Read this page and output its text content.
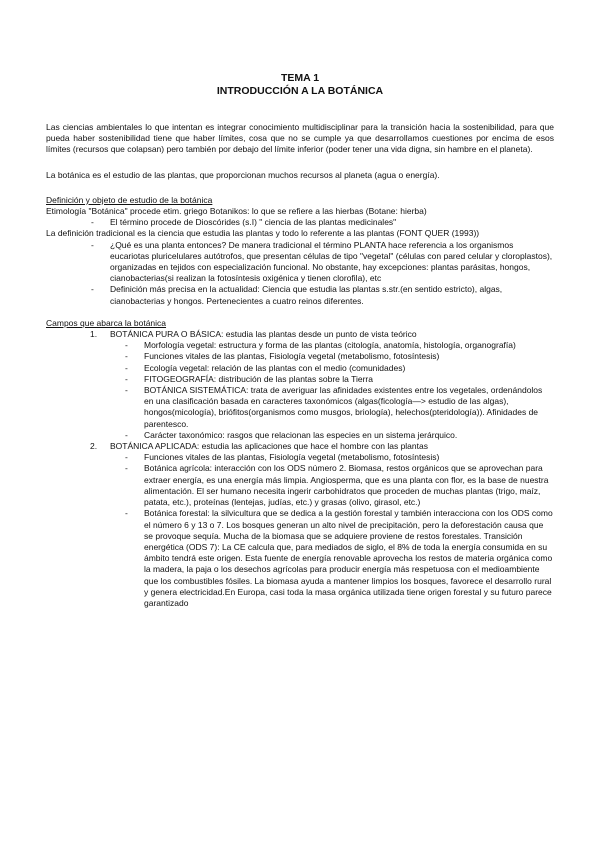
TEMA 1
INTRODUCCIÓN A LA BOTÁNICA

Las ciencias ambientales lo que intentan es integrar conocimiento multidisciplinar para la transición hacia la sostenibilidad, para que pueda haber sostenibilidad tiene que haber límites, cosa que no se cumple ya que desarrollamos cuestiones por encima de esos límites (recursos que colapsan) pero también por debajo del límite inferior (poder tener una vida digna, sin hambre en el planeta).

La botánica es el estudio de las plantas, que proporcionan muchos recursos al planeta (agua o energía).

Definición y objeto de estudio de la botánica
Etimología "Botánica" procede etim. griego Botanikos: lo que se refiere a las hierbas (Botane: hierba)
- El término procede de Dioscórides (s.I) " ciencia de las plantas medicinales"
La definición tradicional es la ciencia que estudia las plantas y todo lo referente a las plantas (FONT QUER (1993))
- ¿Qué es una planta entonces? De manera tradicional el término PLANTA hace referencia a los organismos eucariotas pluricelulares autótrofos, que presentan células de tipo "vegetal" (células con pared celular y cloroplastos), organizadas en tejidos con especialización funcional. No obstante, hay excepciones: plantas parásitas, hongos, cianobacterias(si realizan la fotosíntesis oxigénica y tienen clorofila), etc
- Definición más precisa en la actualidad: Ciencia que estudia las plantas s.str.(en sentido estricto), algas, cianobacterias y hongos. Pertenecientes a cuatro reinos diferentes.
Campos que abarca la botánica
1. BOTÁNICA PURA O BÁSICA: estudia las plantas desde un punto de vista teórico
- Morfología vegetal: estructura y forma de las plantas (citología, anatomía, histología, organografía)
- Funciones vitales de las plantas, Fisiología vegetal (metabolismo, fotosíntesis)
- Ecología vegetal: relación de las plantas con el medio (comunidades)
- FITOGEOGRAFÍA: distribución de las plantas sobre la Tierra
- BOTÁNICA SISTEMÁTICA: trata de averiguar las afinidades existentes entre los vegetales, ordenándolos en una clasificación basada en caracteres taxonómicos (algas(ficología—> estudio de las algas), hongos(micología), briófitos(organismos como musgos, briología), helechos(pteridología)). Afinidades de parentesco.
- Carácter taxonómico: rasgos que relacionan las especies en un sistema jerárquico.
2. BOTÁNICA APLICADA: estudia las aplicaciones que hace el hombre con las plantas
- Funciones vitales de las plantas, Fisiología vegetal (metabolismo, fotosíntesis)
- Botánica agrícola: interacción con los ODS número 2. Biomasa, restos orgánicos que se aprovechan para extraer energía, es una energía más limpia. Angiosperma, que es una planta con flor, es la base de nuestra alimentación. El ser humano necesita ingerir carbohidratos que proceden de muchas plantas (trigo, maíz, patata, etc.), proteínas (lentejas, judías, etc.) y grasas (olivo, girasol, etc.)
- Botánica forestal: la silvicultura que se dedica a la gestión forestal y también interacciona con los ODS como el número 6 y 13 o 7. Los bosques generan un alto nivel de precipitación, pero la deforestación causa que se provoque sequía. Mucha de la biomasa que se adquiere proviene de restos forestales. Transición energética (ODS 7): La CE calcula que, para mediados de siglo, el 8% de toda la energía consumida en su ámbito tendrá este origen. Esta fuente de energía renovable aprovecha los restos de materia orgánica como la madera, la paja o los desechos agrícolas para producir energía más respetuosa con el medioambiente que los combustibles fósiles. La biomasa ayuda a mantener limpios los bosques, favorece el desarrollo rural y genera electricidad.En Europa, casi toda la masa orgánica utilizada tiene origen forestal y su futuro parece garantizado
